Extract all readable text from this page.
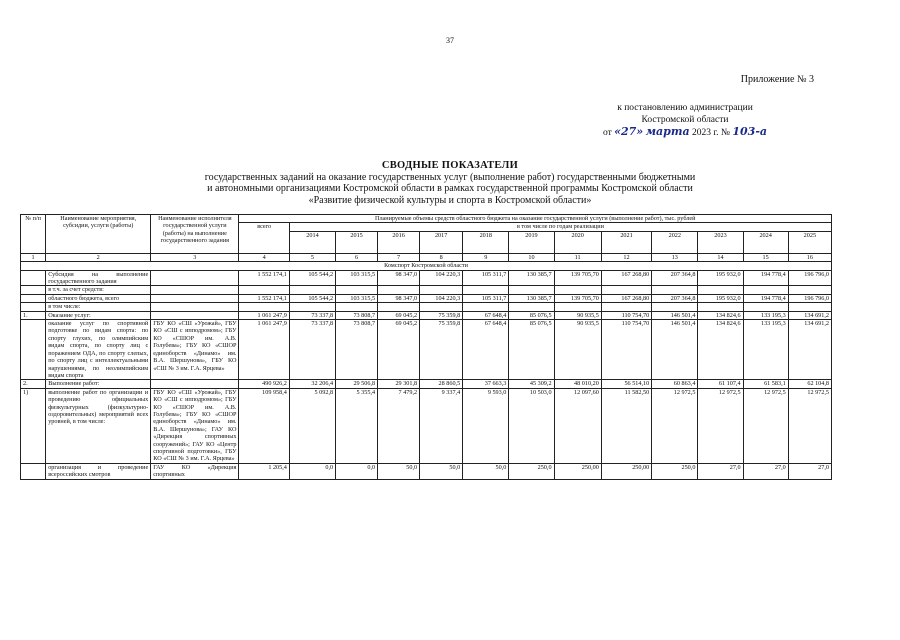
37
Приложение № 3
к постановлению администрации
Костромской области
от «27» марта 2023 г. № 103-а
СВОДНЫЕ ПОКАЗАТЕЛИ
государственных заданий на оказание государственных услуг (выполнение работ) государственными бюджетными
и автономными организациями Костромской области в рамках государственной программы Костромской области
«Развитие физической культуры и спорта в Костромской области»
№ п/п	Наименование мероприятия, субсидии, услуги (работы)	Наименование исполнителя государственной услуги (работы) на выполнение государственного задания	Планируемые объемы средств областного бюджета на оказание государственной услуги (выполнение работ), тыс. рублей												

			всего	в том числе по годам реализации											
				2014	2015	2016	2017	2018	2019	2020	2021	2022	2023	2024	2025
1	2	3	4	5	6	7	8	9	10	11	12	13	14	15	16
Комспорт Костромской области															
	Субсидия на выполнение государственного задания		1 552 174,1	105 544,2	103 315,5	98 347,0	104 220,3	105 311,7	130 385,7	139 705,70	167 268,80	207 364,8	195 932,0	194 778,4	196 796,0
	в т.ч. за счет средств:														
	областного бюджета, всего		1 552 174,1	105 544,2	103 315,5	98 347,0	104 220,3	105 311,7	130 385,7	139 705,70	167 268,80	207 364,8	195 932,0	194 778,4	196 796,0
	в том числе:														
1.	Оказание услуг:		1 061 247,9	73 337,8	73 808,7	69 045,2	75 359,8	67 648,4	85 076,5	90 935,5	110 754,70	146 501,4	134 824,6	133 195,3	134 691,2
	оказание услуг по спортивной подготовке по видам спорта: по спорту глухих, по олимпийским видам спорта, по спорту лиц с поражением ОДА, по спорту слепых, по спорту лиц с интеллектуальными нарушениями, по неолимпийским видам спорта	ГБУ КО «СШ «Урожай», ГБУ КО «СШ с ипподромом»; ГБУ КО «СШОР им. А.В. Голубева»; ГБУ КО «СШОР единоборств «Динамо» им. В.А. Шершунова», ГБУ КО «СШ № 3 им. Г.А. Ярцева»	1 061 247,9	73 337,8	73 808,7	69 045,2	75 359,8	67 648,4	85 076,5	90 935,5	110 754,70	146 501,4	134 824,6	133 195,3	134 691,2
2.	Выполнение работ:		490 926,2	32 206,4	29 506,8	29 301,8	28 860,5	37 663,3	45 309,2	48 010,20	56 514,10	60 863,4	61 107,4	61 583,1	62 104,8
1)	выполнение работ по организации и проведению официальных физкультурных (физкультурно-оздоровительных) мероприятий всех уровней, в том числе:	ГБУ КО «СШ «Урожай», ГБУ КО «СШ с ипподромом»; ГБУ КО «СШОР им. А.В. Голубева»; ГБУ КО «СШОР единоборств «Динамо» им. В.А. Шершунова»; ГАУ КО «Дирекция спортивных сооружений»; ГАУ КО «Центр спортивной подготовки», ГБУ КО «СШ № 3 им. Г.А. Ярцева»	109 958,4	5 092,8	5 355,4	7 479,2	9 337,4	9 593,0	10 503,0	12 097,60	11 582,50	12 972,5	12 972,5	12 972,5	12 972,5
	организация и проведение всероссийских смотров	ГАУ КО «Дирекция спортивных	1 205,4	0,0	0,0	50,0	50,0	50,0	250,0	250,00	250,00	250,0	27,0	27,0	27,0
